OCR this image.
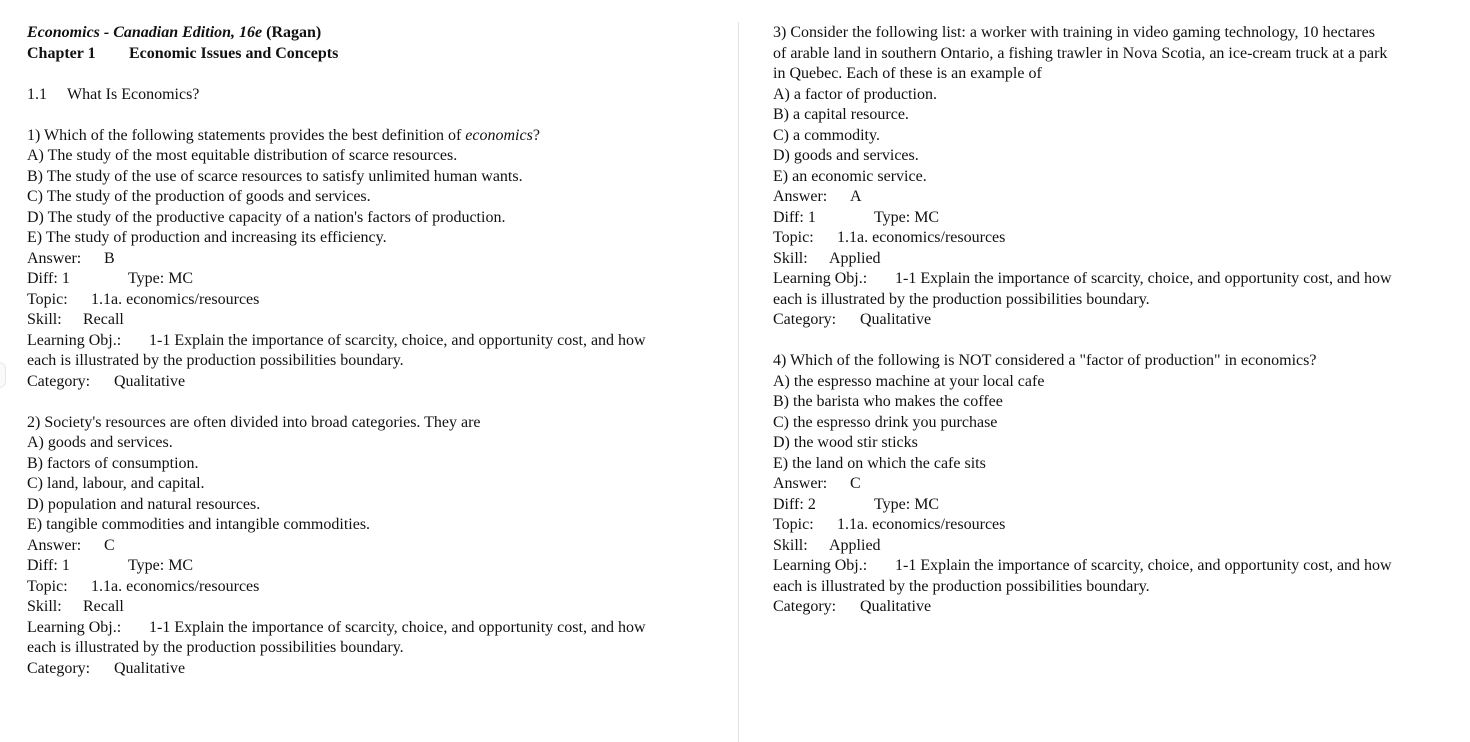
Economics - Canadian Edition, 16e (Ragan)
Chapter 1 Economic Issues and Concepts
1.1 What Is Economics?
1) Which of the following statements provides the best definition of economics?
A) The study of the most equitable distribution of scarce resources.
B) The study of the use of scarce resources to satisfy unlimited human wants.
C) The study of the production of goods and services.
D) The study of the productive capacity of a nation's factors of production.
E) The study of production and increasing its efficiency.
Answer: B
Diff: 1	Type: MC
Topic: 1.1a. economics/resources
Skill: Recall
Learning Obj.: 1-1 Explain the importance of scarcity, choice, and opportunity cost, and how
each is illustrated by the production possibilities boundary.
Category: Qualitative
2) Society's resources are often divided into broad categories. They are
A) goods and services.
B) factors of consumption.
C) land, labour, and capital.
D) population and natural resources.
E) tangible commodities and intangible commodities.
Answer: C
Diff: 1	Type: MC
Topic: 1.1a. economics/resources
Skill: Recall
Learning Obj.: 1-1 Explain the importance of scarcity, choice, and opportunity cost, and how
each is illustrated by the production possibilities boundary.
Category: Qualitative
3) Consider the following list: a worker with training in video gaming technology, 10 hectares
of arable land in southern Ontario, a fishing trawler in Nova Scotia, an ice-cream truck at a park
in Quebec. Each of these is an example of
A) a factor of production.
B) a capital resource.
C) a commodity.
D) goods and services.
E) an economic service.
Answer: A
Diff: 1	Type: MC
Topic: 1.1a. economics/resources
Skill: Applied
Learning Obj.: 1-1 Explain the importance of scarcity, choice, and opportunity cost, and how
each is illustrated by the production possibilities boundary.
Category: Qualitative
4) Which of the following is NOT considered a "factor of production" in economics?
A) the espresso machine at your local cafe
B) the barista who makes the coffee
C) the espresso drink you purchase
D) the wood stir sticks
E) the land on which the cafe sits
Answer: C
Diff: 2	Type: MC
Topic: 1.1a. economics/resources
Skill: Applied
Learning Obj.: 1-1 Explain the importance of scarcity, choice, and opportunity cost, and how
each is illustrated by the production possibilities boundary.
Category: Qualitative
